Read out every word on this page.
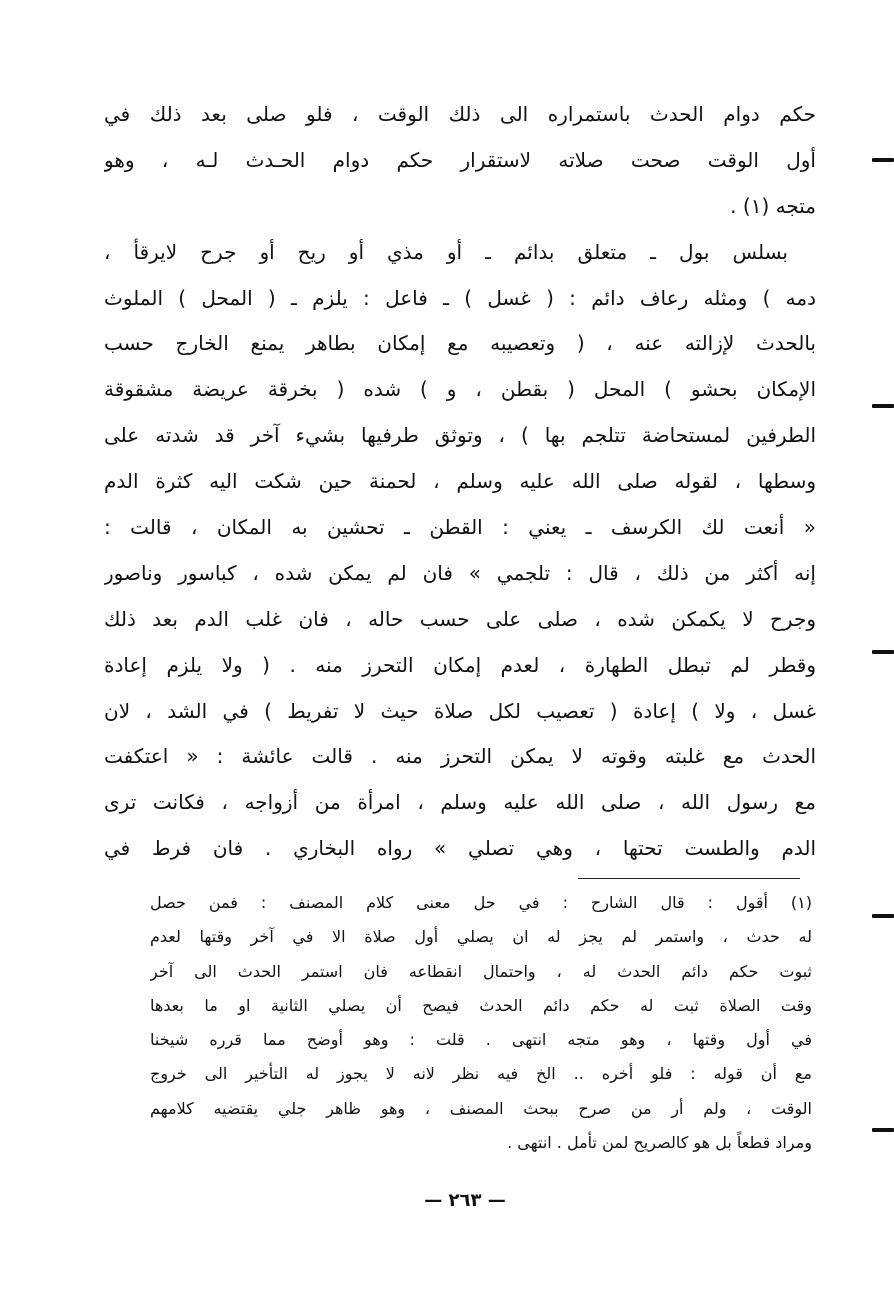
حكم دوام الحدث باستمراره الى ذلك الوقت ، فلو صلى بعد ذلك في
أول الوقت صحت صلاته لاستقرار حكم دوام الحـدث لـه ، وهو
متجه (١) .
بسلس بول ـ متعلق بدائم ـ أو مذي أو ريح أو جرح لايرقأ ،
دمه ) ومثله رعاف دائم : ( غسل ) ـ فاعل : يلزم ـ ( المحل ) الملوث
بالحدث لإزالته عنه ، ( وتعصيبه مع إمكان بطاهر يمنع الخارج حسب
الإمكان بحشو ) المحل ( بقطن ، و ) شده ( بخرقة عريضة مشقوقة
الطرفين لمستحاضة تتلجم بها ) ، وتوثق طرفيها بشيء آخر قد شدته على
وسطها ، لقوله صلى الله عليه وسلم ، لحمنة حين شكت اليه كثرة الدم
« أنعت لك الكرسف ـ يعني : القطن ـ تحشين به المكان ، قالت :
إنه أكثر من ذلك ، قال : تلجمي » فان لم يمكن شده ، كباسور وناصور
وجرح لا يكمكن شده ، صلى على حسب حاله ، فان غلب الدم بعد ذلك
وقطر لم تبطل الطهارة ، لعدم إمكان التحرز منه . ( ولا يلزم إعادة
غسل ، ولا ) إعادة ( تعصيب لكل صلاة حيث لا تفريط ) في الشد ، لان
الحدث مع غلبته وقوته لا يمكن التحرز منه . قالت عائشة : « اعتكفت
مع رسول الله ، صلى الله عليه وسلم ، امرأة من أزواجه ، فكانت ترى
الدم والطست تحتها ، وهي تصلي » رواه البخاري . فان فرط في
(١) أقول : قال الشارح : في حل معنى كلام المصنف : فمن حصل
له حدث ، واستمر لم يجز له ان يصلي أول صلاة الا في آخر وقتها لعدم
ثبوت حكم دائم الحدث له ، واحتمال انقطاعه فان استمر الحدث الى آخر
وقت الصلاة ثبت له حكم دائم الحدث فيصح أن يصلي الثانية او ما بعدها
في أول وقتها ، وهو متجه انتهى . قلت : وهو أوضح مما قرره شيخنا
مع أن قوله : فلو أخره .. الخ فيه نظر لانه لا يجوز له التأخير الى خروج
الوقت ، ولم أر من صرح ببحث المصنف ، وهو ظاهر جلي يقتضيه كلامهم
ومراد قطعاً بل هو كالصريح لمن تأمل . انتهى .
— ٢٦٣ —
